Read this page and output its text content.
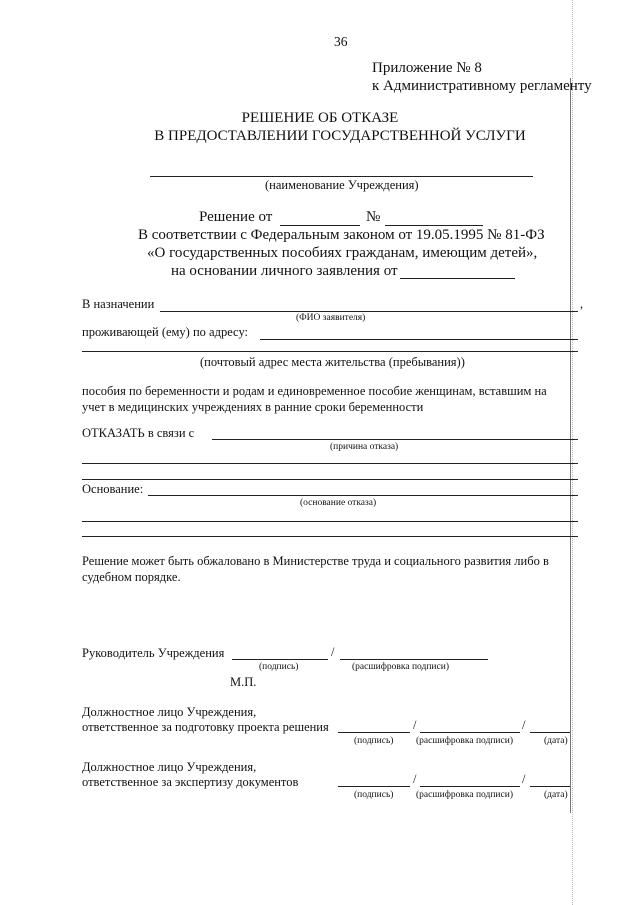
36
Приложение № 8
к Административному регламенту
РЕШЕНИЕ ОБ ОТКАЗЕ
В ПРЕДОСТАВЛЕНИИ ГОСУДАРСТВЕННОЙ УСЛУГИ
(наименование Учреждения)
Решение от	№
В соответствии с Федеральным законом от 19.05.1995 № 81-ФЗ
«О государственных пособиях гражданам, имеющим детей»,
на основании личного заявления от
В назначении	,
(ФИО заявителя)
проживающей (ему) по адресу:
(почтовый адрес места жительства (пребывания))
пособия по беременности и родам и единовременное пособие женщинам, вставшим на
учет в медицинских учреждениях в ранние сроки беременности
ОТКАЗАТЬ в связи с
(причина отказа)
Основание:
(основание отказа)
Решение может быть обжаловано в Министерстве труда и социального развития либо в
судебном порядке.
Руководитель Учреждения	/
(подпись)	(расшифровка подписи)
М.П.
Должностное лицо Учреждения,
ответственное за подготовку проекта решения	/	/
(подпись) (расшифровка подписи)	(дата)
Должностное лицо Учреждения,
ответственное за экспертизу документов	/	/
(подпись) (расшифровка подписи)	(дата)
